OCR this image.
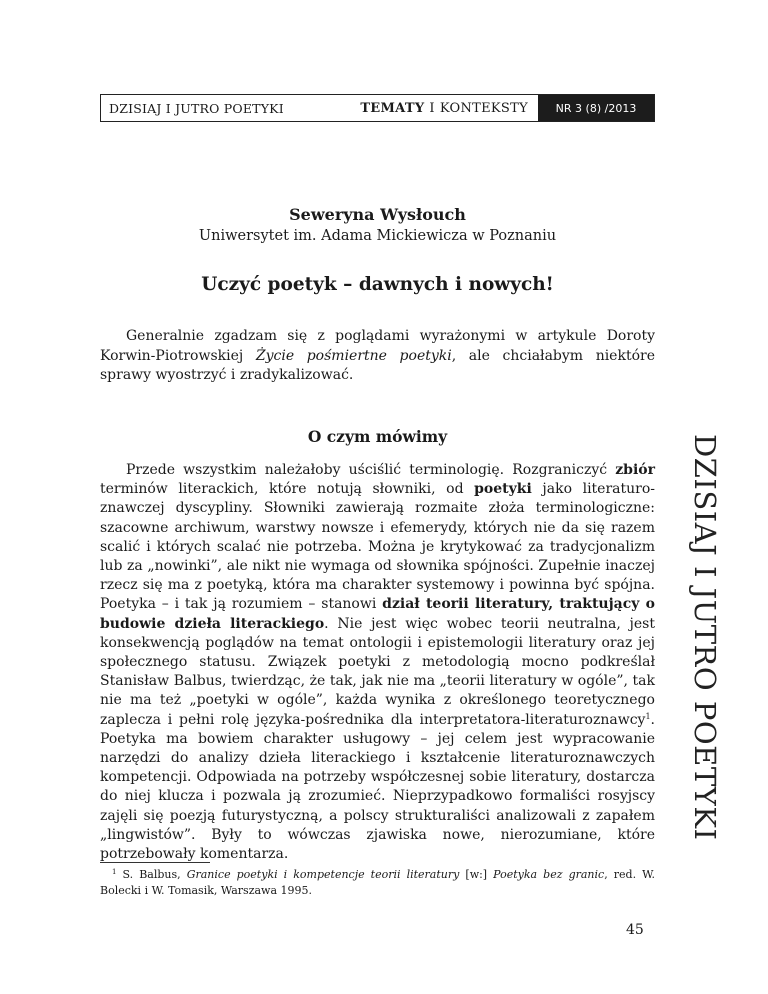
DZISIAJ I JUTRO POETYKI	TEMATY I KONTEKSTY	NR 3 (8) /2013
Seweryna Wysłouch
Uniwersytet im. Adama Mickiewicza w Poznaniu
Uczyć poetyk – dawnych i nowych!

Generalnie zgadzam się z poglądami wyrażonymi w artykule Doroty Korwin-Piotrowskiej Życie pośmiertne poetyki, ale chciałabym niektóre sprawy wyostrzyć i zradykalizować.

O czym mówimy

Przede wszystkim należałoby uściślić terminologię. Rozgraniczyć zbiór terminów literackich, które notują słowniki, od poetyki jako literaturoznawczej dyscypliny. Słowniki zawierają rozmaite złoża terminologiczne: szacowne archiwum, warstwy nowsze i efemerydy, których nie da się razem scalić i których scalać nie potrzeba. Można je krytykować za tradycjonalizm lub za „nowinki”, ale nikt nie wymaga od słownika spójności. Zupełnie inaczej rzecz się ma z poetyką, która ma charakter systemowy i powinna być spójna. Poetyka – i tak ją rozumiem – stanowi dział teorii literatury, traktujący o budowie dzieła literackiego. Nie jest więc wobec teorii neutralna, jest konsekwencją poglądów na temat ontologii i epistemologii literatury oraz jej społecznego statusu. Związek poetyki z metodologią mocno podkreślał Stanisław Balbus, twierdząc, że tak, jak nie ma „teorii literatury w ogóle”, tak nie ma też „poetyki w ogóle”, każda wynika z określonego teoretycznego zaplecza i pełni rolę języka-pośrednika dla interpretatora-literaturoznawcy$^1$. Poetyka ma bowiem charakter usługowy – jej celem jest wypracowanie narzędzi do analizy dzieła literackiego i kształcenie literaturoznawczych kompetencji. Odpowiada na potrzeby współczesnej sobie literatury, dostarcza do niej klucza i pozwala ją zrozumieć. Nieprzypadkowo formaliści rosyjscy zajęli się poezją futurystyczną, a polscy strukturaliści analizowali z zapałem „lingwistów”. Były to wówczas zjawiska nowe, nierozumiane, które potrzebowały komentarza.

$^1$ S. Balbus, Granice poetyki i kompetencje teorii literatury [w:] Poetyka bez granic, red. W. Bolecki i W. Tomasik, Warszawa 1995.

45
DZISIAJ I JUTRO POETYKI
